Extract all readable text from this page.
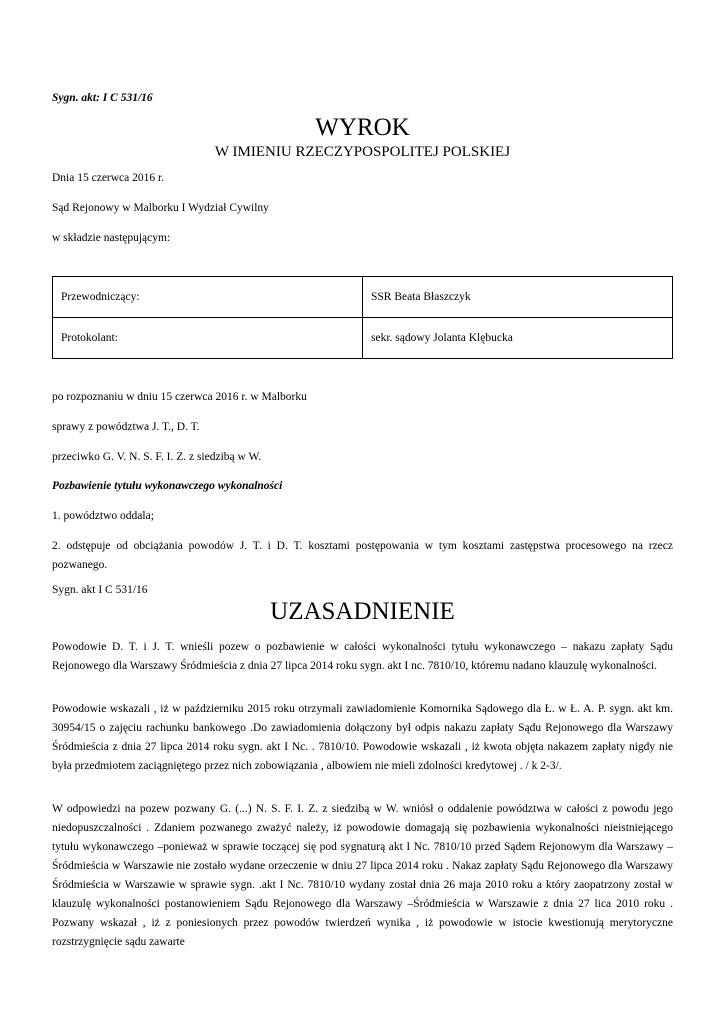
Sygn. akt: I C 531/16
WYROK
W IMIENIU RZECZYPOSPOLITEJ POLSKIEJ
Dnia 15 czerwca 2016 r.
Sąd Rejonowy w Malborku I Wydział Cywilny
w składzie następującym:
Przewodniczący:	SSR Beata Błaszczyk
Protokolant:	sekr. sądowy Jolanta Klębucka
po rozpoznaniu w dniu 15 czerwca 2016 r. w Malborku
sprawy z powództwa J. T., D. T.
przeciwko G. V. N. S. F. I. Z. z siedzibą w W.
Pozbawienie tytułu wykonawczego wykonalności
1. powództwo oddala;
2. odstępuje od obciążania powodów J. T. i D. T. kosztami postępowania w tym kosztami zastępstwa procesowego na rzecz pozwanego.
Sygn. akt I C 531/16
UZASADNIENIE
Powodowie D. T. i J. T. wnieśli pozew o pozbawienie w całości wykonalności tytułu wykonawczego – nakazu zapłaty Sądu Rejonowego dla Warszawy Śródmieścia z dnia 27 lipca 2014 roku sygn. akt I nc. 7810/10, któremu nadano klauzulę wykonalności.
Powodowie wskazali , iż w październiku 2015 roku otrzymali zawiadomienie Komornika Sądowego dla Ł. w Ł. A. P. sygn. akt km. 30954/15 o zajęciu rachunku bankowego .Do zawiadomienia dołączony był odpis nakazu zapłaty Sądu Rejonowego dla Warszawy Śródmieścia z dnia 27 lipca 2014 roku sygn. akt I Nc. . 7810/10. Powodowie wskazali , iż kwota objęta nakazem zapłaty nigdy nie była przedmiotem zaciągniętego przez nich zobowiązania , albowiem nie mieli zdolności kredytowej . / k 2-3/.
W odpowiedzi na pozew pozwany G. (...) N. S. F. I. Z. z siedzibą w W. wniósł o oddalenie powództwa w całości z powodu jego niedopuszczalności . Zdaniem pozwanego zważyć należy, iż powodowie domagają się pozbawienia wykonalności nieistniejącego tytułu wykonawczego –ponieważ w sprawie toczącej się pod sygnaturą akt I Nc. 7810/10 przed Sądem Rejonowym dla Warszawy –Śródmieścia w Warszawie nie zostało wydane orzeczenie w dniu 27 lipca 2014 roku . Nakaz zapłaty Sądu Rejonowego dla Warszawy Śródmieścia w Warszawie w sprawie sygn. .akt I Nc. 7810/10 wydany został dnia 26 maja 2010 roku a który zaopatrzony został w klauzulę wykonalności postanowieniem Sądu Rejonowego dla Warszawy –Śródmieścia w Warszawie z dnia 27 lica 2010 roku . Pozwany wskazał , iż z poniesionych przez powodów twierdzeń wynika , iż powodowie w istocie kwestionują merytoryczne rozstrzygnięcie sądu zawarte
